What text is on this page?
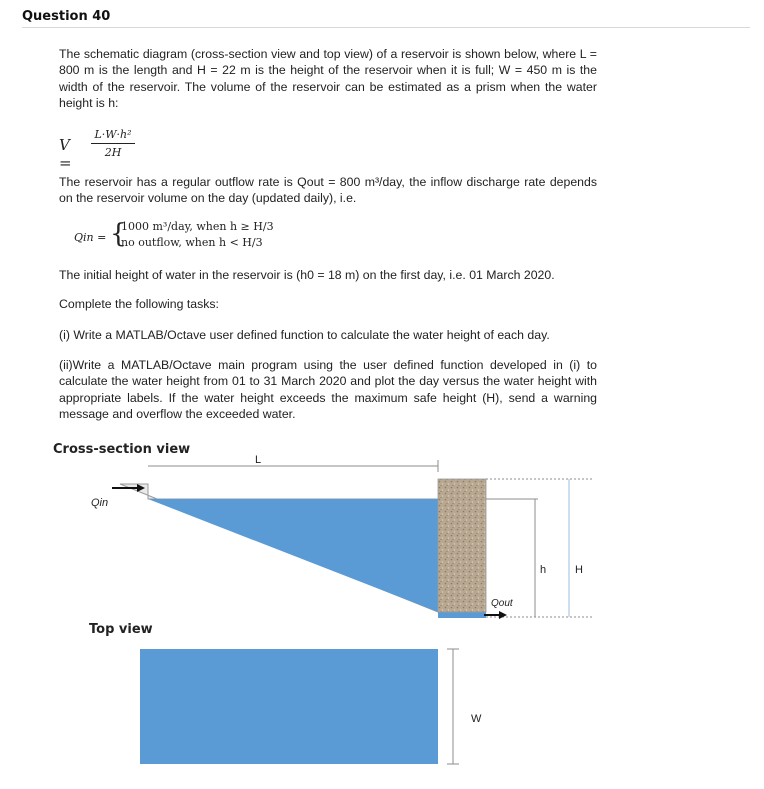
Question 40
The schematic diagram (cross-section view and top view) of a reservoir is shown below, where L = 800 m is the length and H = 22 m is the height of the reservoir when it is full; W = 450 m is the width of the reservoir. The volume of the reservoir can be estimated as a prism when the water height is h:
V =
L·W·h²
2H
The reservoir has a regular outflow rate is Qout = 800 m³/day, the inflow discharge rate depends on the reservoir volume on the day (updated daily), i.e.
Qin = {
1000 m³/day, when h ≥ H/3
no outflow, when h < H/3
The initial height of water in the reservoir is (h0 = 18 m) on the first day, i.e. 01 March 2020.
Complete the following tasks:
(i) Write a MATLAB/Octave user defined function to calculate the water height of each day.
(ii)Write a MATLAB/Octave main program using the user defined function developed in (i) to calculate the water height from 01 to 31 March 2020 and plot the day versus the water height with appropriate labels. If the water height exceeds the maximum safe height (H), send a warning message and overflow the exceeded water.
Cross-section view
Top view
L
h	H
Qin
Qout
W
